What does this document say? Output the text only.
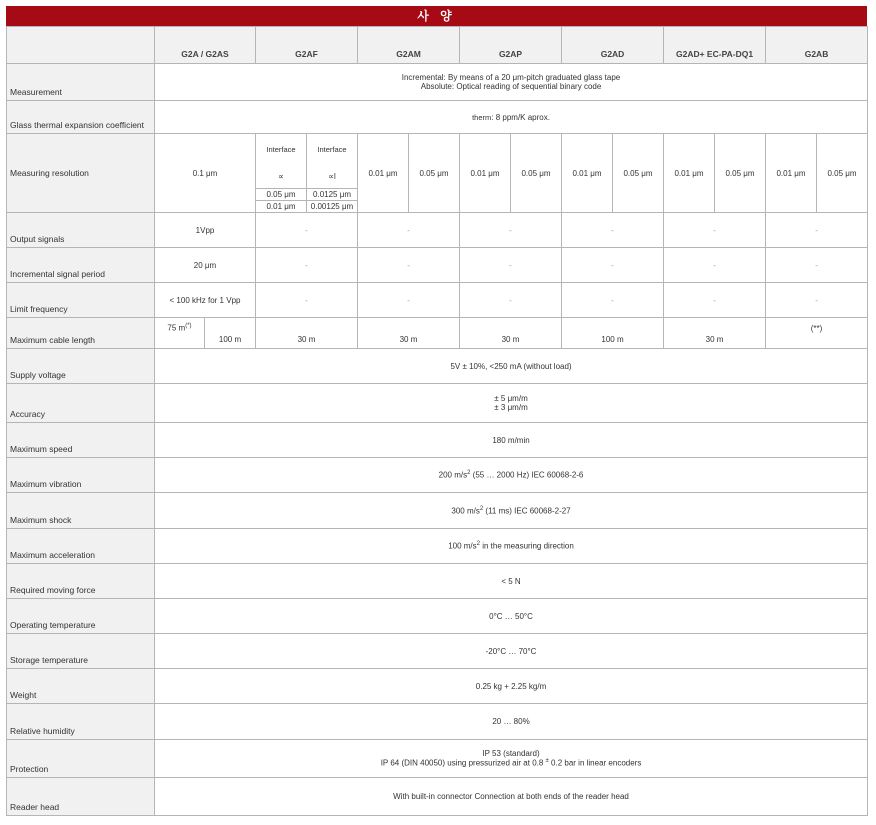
사 양
	G2A / G2AS		G2AF		G2AM		G2AP		G2AD		G2AD+ EC-PA-DQ1		G2AB	
Measurement	Incremental: By means of a 20 μm-pitch graduated glass tape
Absolute: Optical reading of sequential binary code													

Glass thermal expansion coefficient	therm: 8 ppm/K aprox.													
Measuring resolution	0.1 μm		Interface	Interface	0.01 μm	0.05 μm	0.01 μm	0.05 μm	0.01 μm	0.05 μm	0.01 μm	0.05 μm	0.01 μm	0.05 μm
			∝	∝l										
			0.05 μm	0.0125 μm										
			0.01 μm	0.00125 μm										
Output signals	1Vpp		-		-		-		-		-		-	
Incremental signal period	20 μm		-		-		-		-		-		-	
Limit frequency	< 100 kHz for 1 Vpp		-		-		-		-		-		-	
Maximum cable length	75 m(*)	100 m	30 m		30 m		30 m		100 m		30 m		(**)	
Supply voltage	5V ± 10%, <250 mA (without load)													
Accuracy	± 5 μm/m
± 3 μm/m													

Maximum speed	180 m/min													
Maximum vibration	200 $m/s^2$ (55 … 2000 Hz) IEC 60068-2-6													
Maximum shock	300 $m/s^2$ (11 ms) IEC 60068-2-27													
Maximum acceleration	100 $m/s^2$ in the measuring direction													
Required moving force	< 5 N													
Operating temperature	0°C … 50°C													
Storage temperature	-20°C … 70°C													
Weight	0.25 kg + 2.25 kg/m													
Relative humidity	20 … 80%													
Protection	IP 53 (standard)
IP 64 (DIN 40050) using pressurized air at 0.8 ± 0.2 bar in linear encoders													

Reader head	With built-in connector Connection at both ends of the reader head													
